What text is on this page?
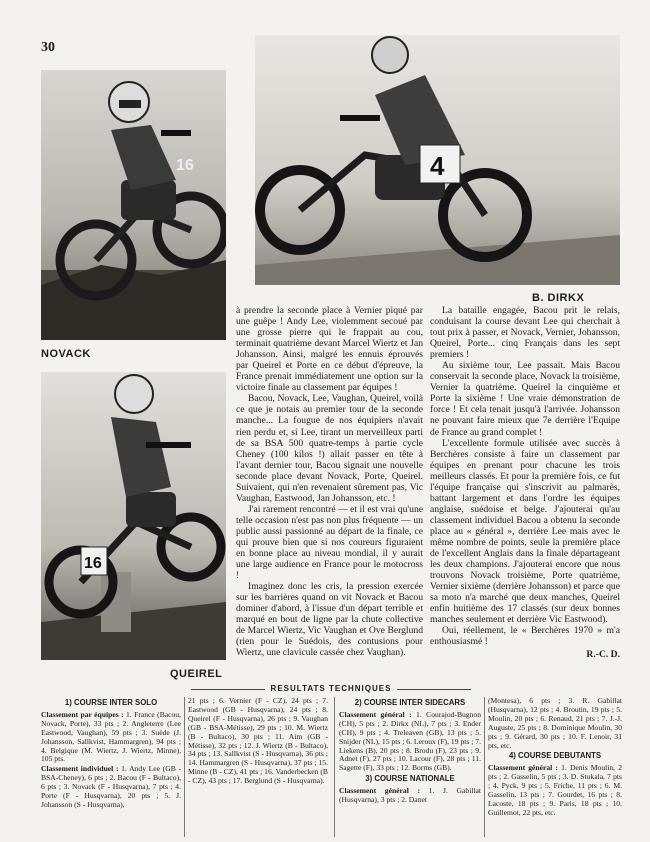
30
16
NOVACK
4
B. DIRKX
16
QUEIREL

à prendre la seconde place à Vernier piqué par une guêpe ! Andy Lee, violemment secoué par une grosse pierre qui le frappait au cou, terminait quatrième devant Marcel Wiertz et Jan Johansson. Ainsi, malgré les ennuis éprouvés par Queirel et Porte en ce début d'épreuve, la France prenait immédiatement une option sur la victoire finale au classement par équipes !

Bacou, Novack, Lee, Vaughan, Queirel, voilà ce que je notais au premier tour de la seconde manche... La fougue de nos équipiers n'avait rien perdu et, si Lee, tirant un merveilleux parti de sa BSA 500 quatre-temps à partie cycle Cheney (100 kilos !) allait passer en tête à l'avant dernier tour, Bacou signait une nouvelle seconde place devant Novack, Porte, Queirel. Suivaient, qui n'en revenaient sûrement pas, Vic Vaughan, Eastwood, Jan Johansson, etc. !

J'ai rarement rencontré — et il est vrai qu'une telle occasion n'est pas non plus fréquente — un public aussi passionné au départ de la finale, ce qui prouve bien que si nos coureurs figuraient en bonne place au niveau mondial, il y aurait une large audience en France pour le motocross !

Imaginez donc les cris, la pression exercée sur les barrières quand on vit Novack et Bacou dominer d'abord, à l'issue d'un départ terrible et marqué en bout de ligne par la chute collective de Marcel Wiertz, Vic Vaughan et Ove Berglund (rien pour le Suédois, des contusions pour Wiertz, une clavicule cassée chez Vaughan).

La bataille engagée, Bacou prit le relais, conduisant la course devant Lee qui cherchait à tout prix à passer, et Novack, Vernier, Johansson, Queirel, Porte... cinq Français dans les sept premiers !

Au sixième tour, Lee passait. Mais Bacou conservait la seconde place, Novack la troisième, Vernier la quatrième. Queirel la cinquième et Porte la sixième ! Une vraie démonstration de force ! Et cela tenait jusqu'à l'arrivée. Johansson ne pouvant faire mieux que 7e derrière l'Equipe de France au grand complet !

L'excellente formule utilisée avec succès à Berchères consiste à faire un classement par équipes en prenant pour chacune les trois meilleurs classés. Et pour la première fois, ce fut l'équipe française qui s'inscrivit au palmarès, battant largement et dans l'ordre les équipes anglaise, suédoise et belge. J'ajouterai qu'au classement individuel Bacou a obtenu la seconde place au « général », derrière Lee mais avec le même nombre de points, seule la première place de l'excellent Anglais dans la finale départageant les deux champions. J'ajouterai encore que nous trouvons Novack troisième, Porte quatrième, Vernier sixième (derrière Johansson) et parce que sa moto n'a marché que deux manches, Queirel enfin huitième des 17 classés (sur deux bonnes manches seulement et derrière Vic Eastwood).

Oui, réellement, le « Berchères 1970 » m'a enthousiasmé !

R.-C. D.
RESULTATS TECHNIQUES
1) COURSE INTER SOLO

Classement par équipes : 1. France (Bacou, Novack, Porte), 33 pts ; 2. Angleterre (Lee Eastwood, Vaughan), 59 pts ; 3. Suède (J. Johansson, Sallkvist, Hammargren), 94 pts ; 4. Belgique (M. Wiertz, J. Wiertz, Minne), 105 pts.

Classement individuel : 1. Andy Lee (GB - BSA-Cheney), 6 pts ; 2. Bacou (F - Bultaco), 6 pts ; 3. Novack (F - Husqvarna), 7 pts ; 4. Porte (F - Husqvarna), 20 pts ; 5. J. Johansson (S - Husqvarna),

21 pts ; 6. Vernier (F - CZ), 24 pts ; 7. Eastwood (GB - Husqvarna), 24 pts ; 8. Queirel (F - Husqvarna), 26 pts ; 9. Vaughan (GB - BSA-Métisse), 29 pts ; 10. M. Wiertz (B - Bultaco), 30 pts ; 11. Aim (GB - Métisse), 32 pts ; 12. J. Wiertz (B - Bultaco), 34 pts ; 13. Sallkvist (S - Husqvarna), 36 pts ; 14. Hammargren (S - Husqvarna), 37 pts ; 15. Minne (B - CZ), 41 pts ; 16. Vanderbecken (B - CZ), 43 pts ; 17. Berglund (S - Husqvarna).

2) COURSE INTER SIDECARS

Classement général : 1. Courajod-Bugnon (CH), 5 pts ; 2. Dirkx (NL), 7 pts ; 3. Ender (CH), 9 pts ; 4. Treleaven (GB), 13 pts ; 5. Snijder (NL), 15 pts ; 6. Leroux (F), 19 pts ; 7. Liekens (B), 20 pts ; 8. Brodu (F), 23 pts ; 9. Adnet (F), 27 pts ; 10. Lacour (F), 28 pts ; 11. Sagette (F), 33 pts ; 12. Borms (GB).

3) COURSE NATIONALE

Classement général : 1. J. Gabillat (Husqvarna), 3 pts ; 2. Danet

(Montesa), 6 pts ; 3. R. Gabillat (Husqvarna), 12 pts ; 4. Broutin, 19 pts ; 5. Moulin, 20 pts ; 6. Renaud, 21 pts ; 7. J.-J. Auguste, 25 pts ; 8. Dominique Moulin, 30 pts ; 9. Gérard, 30 pts ; 10. F. Lenoir, 31 pts, etc.

4) COURSE DEBUTANTS

Classement général : 1. Denis Moulin, 2 pts ; 2. Gasselin, 5 pts ; 3. D. Stukala, 7 pts ; 4. Pyck, 9 pts ; 5. Friche, 11 pts ; 6. M. Gasselin, 13 pts ; 7. Gourdet, 16 pts ; 8. Lacoste, 18 pts ; 9. Paris, 18 pts ; 10. Guillemot, 22 pts, etc.
